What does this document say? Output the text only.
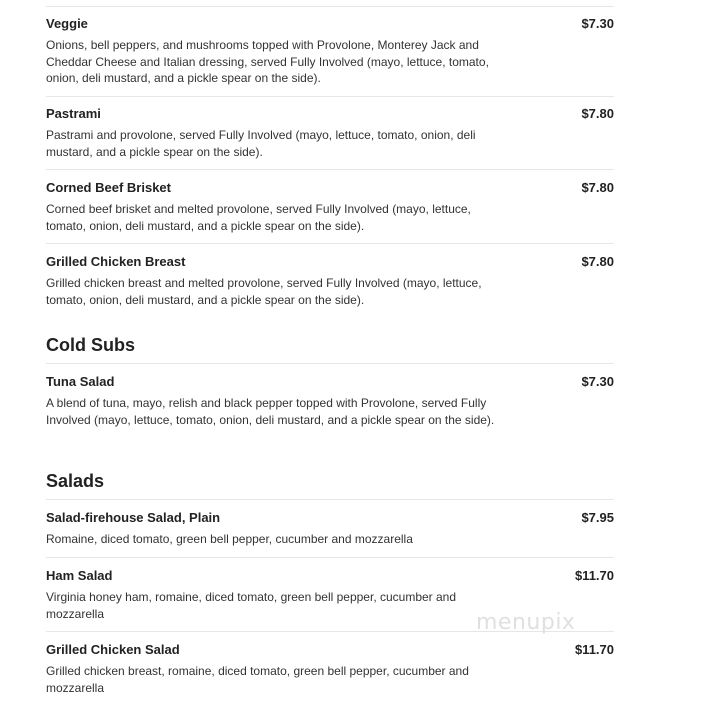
Veggie	$7.30
Onions, bell peppers, and mushrooms topped with Provolone, Monterey Jack and Cheddar Cheese and Italian dressing, served Fully Involved (mayo, lettuce, tomato, onion, deli mustard, and a pickle spear on the side).
Pastrami	$7.80
Pastrami and provolone, served Fully Involved (mayo, lettuce, tomato, onion, deli mustard, and a pickle spear on the side).
Corned Beef Brisket	$7.80
Corned beef brisket and melted provolone, served Fully Involved (mayo, lettuce, tomato, onion, deli mustard, and a pickle spear on the side).
Grilled Chicken Breast	$7.80
Grilled chicken breast and melted provolone, served Fully Involved (mayo, lettuce, tomato, onion, deli mustard, and a pickle spear on the side).
Cold Subs
Tuna Salad	$7.30
A blend of tuna, mayo, relish and black pepper topped with Provolone, served Fully Involved (mayo, lettuce, tomato, onion, deli mustard, and a pickle spear on the side).
Salads
Salad-firehouse Salad, Plain	$7.95
Romaine, diced tomato, green bell pepper, cucumber and mozzarella
Ham Salad	$11.70
Virginia honey ham, romaine, diced tomato, green bell pepper, cucumber and mozzarella
Grilled Chicken Salad	$11.70
Grilled chicken breast, romaine, diced tomato, green bell pepper, cucumber and mozzarella
menupix
